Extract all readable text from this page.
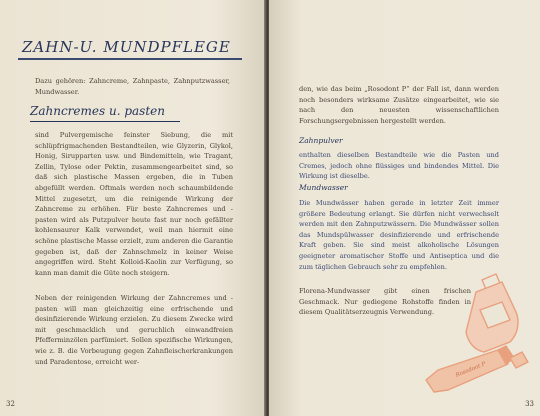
ZAHN-U. MUNDPFLEGE

Dazu gehören: Zahncreme, Zahnpaste, Zahnputzwasser, Mundwasser.

Zahncremes u. pasten

sind Pulvergemische feinster Siebung, die mit schlüpfrigmachenden Bestandteilen, wie Glyzerin, Glykol, Honig, Sirupparten usw. und Bindemitteln, wie Tragant, Zellin, Tylose oder Pektin, zusammengearbeitet sind, so daß sich plastische Massen ergeben, die in Tuben abgefüllt werden. Oftmals werden noch schaumbildende Mittel zugesetzt, um die reinigende Wirkung der Zahncreme zu erhöhen. Für beste Zahncremes und -pasten wird als Putzpulver heute fast nur noch gefällter kohlensaurer Kalk verwendet, weil man hiermit eine schöne plastische Masse erzielt, zum anderen die Garantie gegeben ist, daß der Zahnschmelz in keiner Weise angegriffen wird. Steht Kolloid-Kaolin zur Verfügung, so kann man damit die Güte noch steigern.

Neben der reinigenden Wirkung der Zahncremes und -pasten will man gleichzeitig eine erfrischende und desinfizierende Wirkung erzielen. Zu diesem Zwecke wird mit geschmacklich und geruchlich einwandfreien Pfefferminzölen parfümiert. Sollen spezifische Wirkungen, wie z. B. die Vorbeugung gegen Zahnfleischerkrankungen und Paradentose, erreicht wer-

32

den, wie das beim „Rosodont P“ der Fall ist, dann werden noch besonders wirksame Zusätze eingearbeitet, wie sie nach den neuesten wissenschaftlichen Forschungsergebnissen hergestellt werden.

Zahnpulver

enthalten dieselben Bestandteile wie die Pasten und Cremes, jedoch ohne flüssiges und bindendes Mittel. Die Wirkung ist dieselbe.

Mundwasser

Die Mundwässer haben gerade in letzter Zeit immer größere Bedeutung erlangt. Sie dürfen nicht verwechselt werden mit den Zahnputzwässern. Die Mundwässer sollen das Mundspülwasser desinfizierende und erfrischende Kraft geben. Sie sind meist alkoholische Lösungen geeigneter aromatischer Stoffe und Antiseptica und die zum täglichen Gebrauch sehr zu empfehlen.

Florena-Mundwasser gibt einen frischen Geschmack. Nur gediegene Rohstoffe finden in diesem Qualitätserzeugnis Verwendung.

Rosodont P
33
